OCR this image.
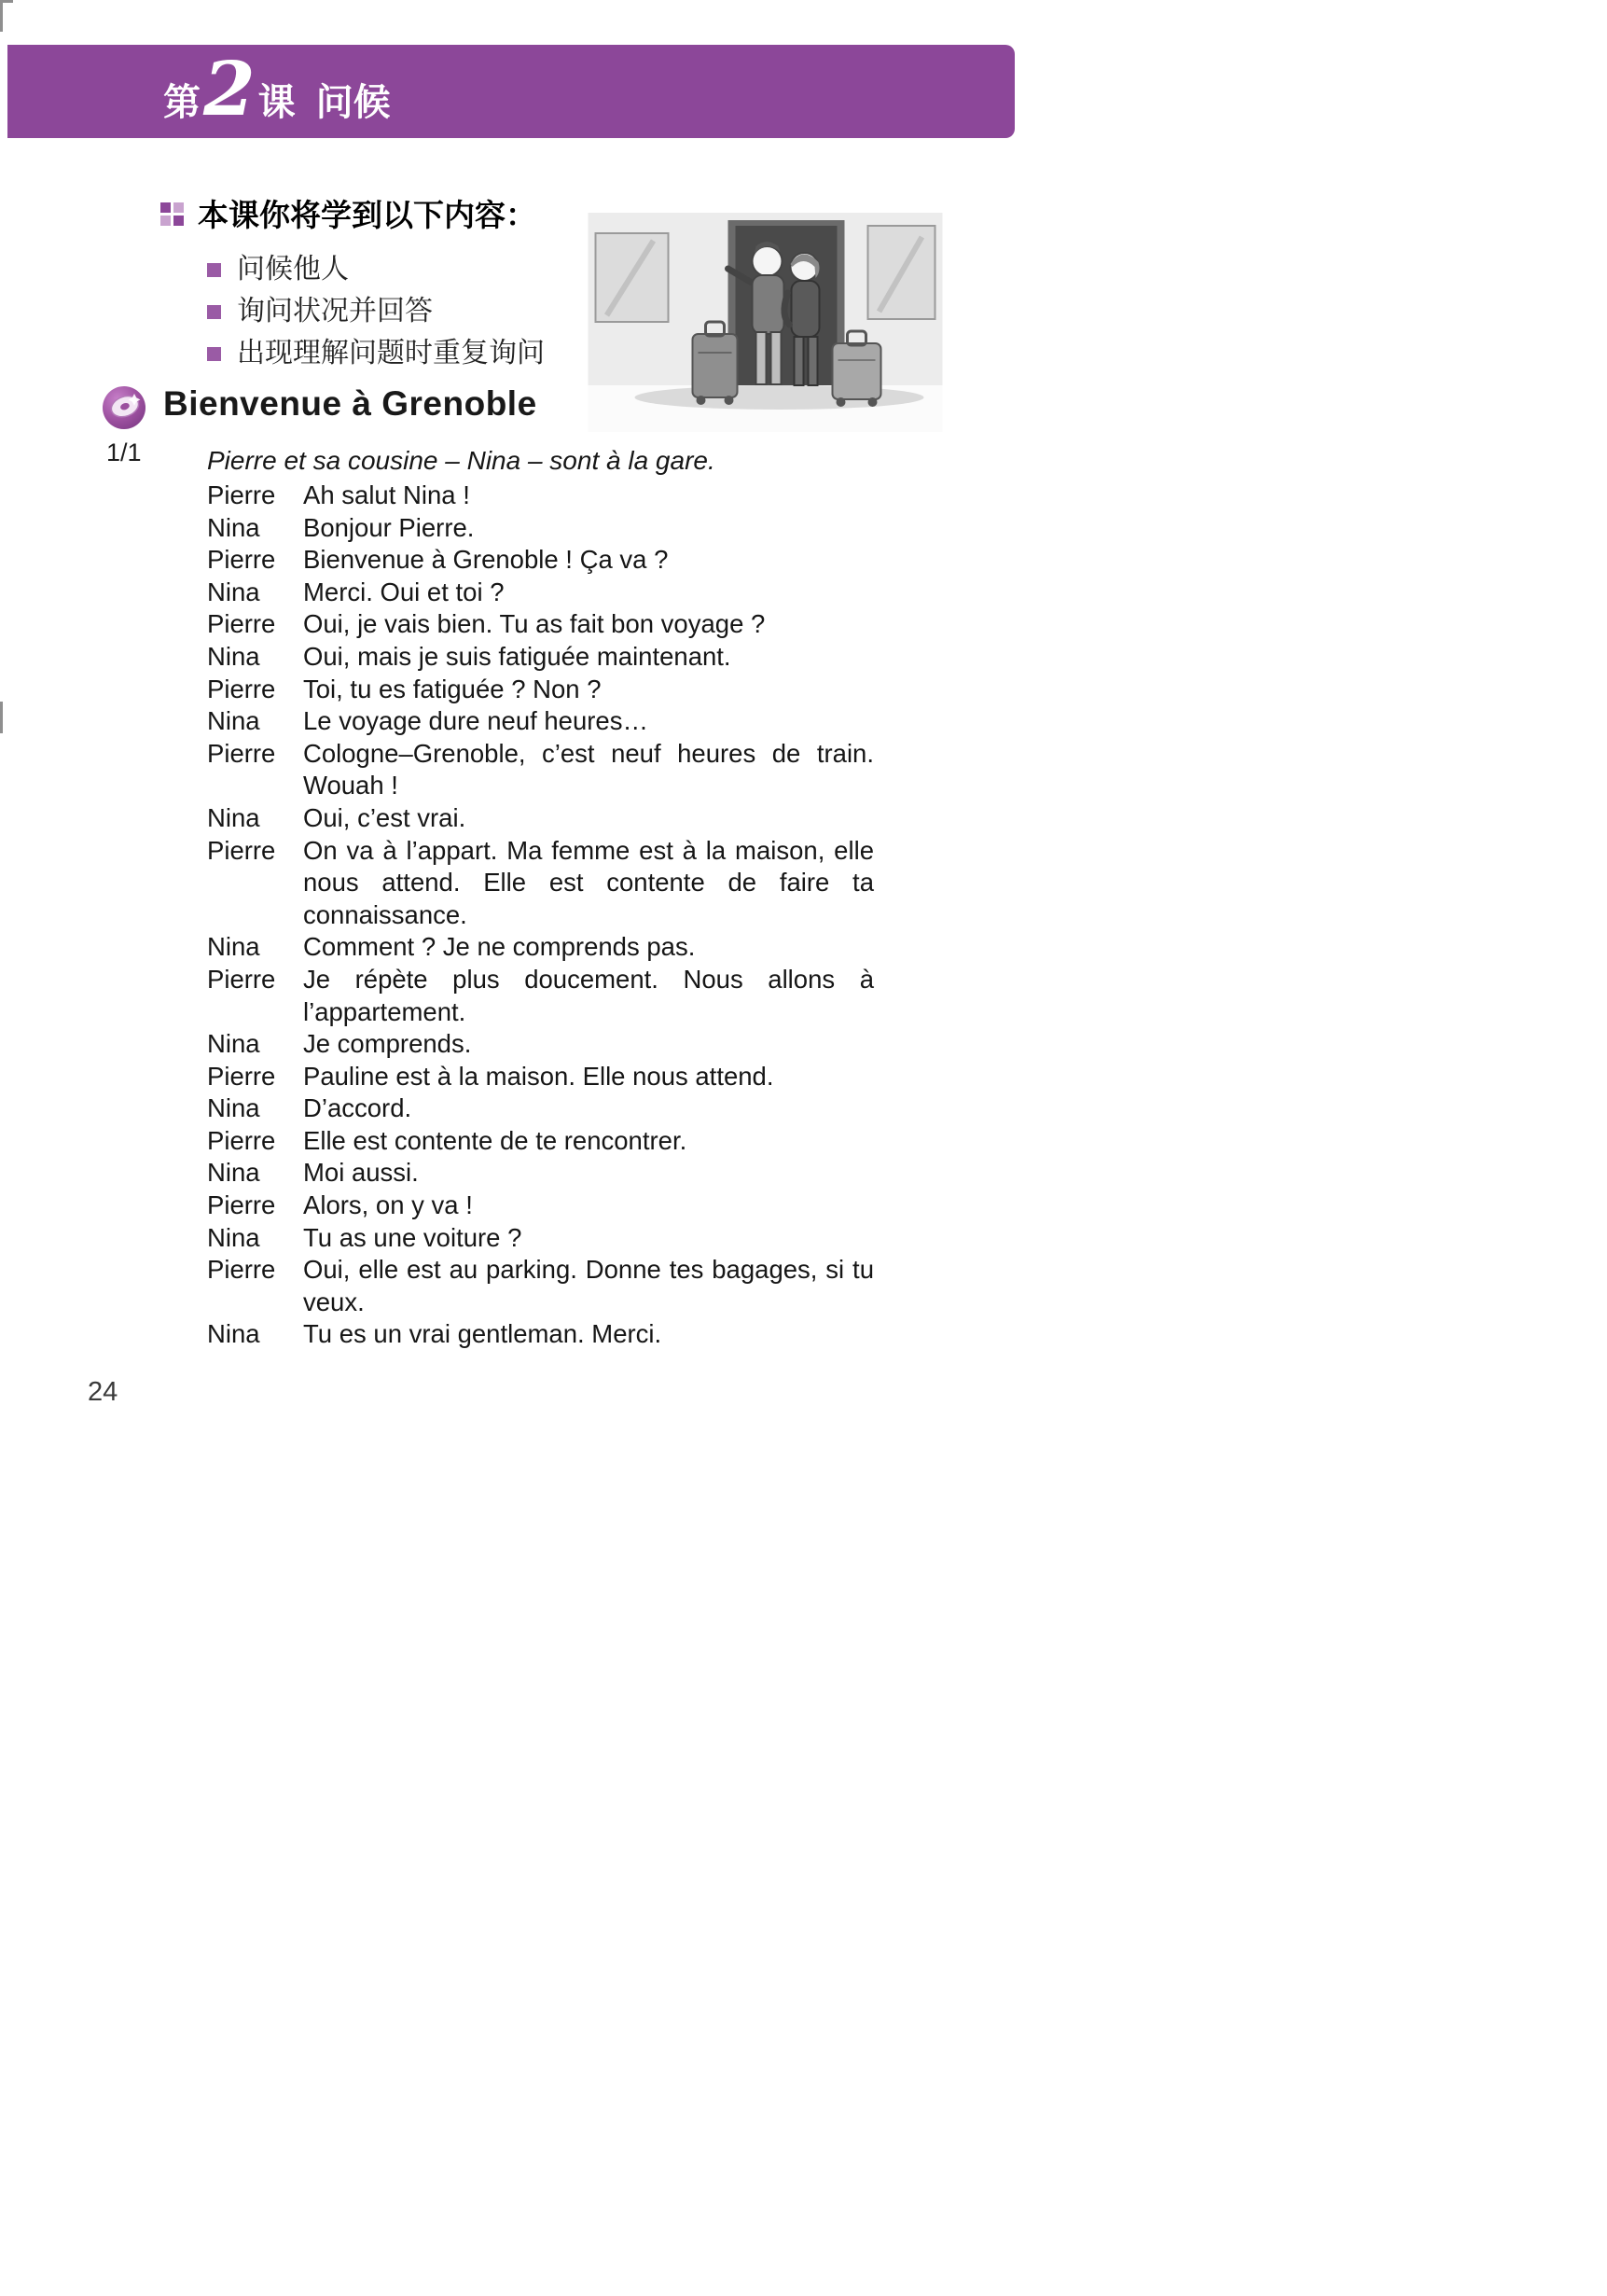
第 2 课 问候
本课你将学到以下内容：
问候他人
询问状况并回答
出现理解问题时重复询问
1/1
Bienvenue à Grenoble

Pierre et sa cousine – Nina – sont à la gare.

Pierre	Ah salut Nina !
Nina	Bonjour Pierre.
Pierre	Bienvenue à Grenoble ! Ça va ?
Nina	Merci. Oui et toi ?
Pierre	Oui, je vais bien. Tu as fait bon voyage ?
Nina	Oui, mais je suis fatiguée maintenant.
Pierre	Toi, tu es fatiguée ? Non ?
Nina	Le voyage dure neuf heures…
Pierre	Cologne–Grenoble, c’est neuf heures de train. Wouah !
Nina	Oui, c’est vrai.
Pierre	On va à l’appart. Ma femme est à la maison, elle nous attend. Elle est contente de faire ta connaissance.
Nina	Comment ? Je ne comprends pas.
Pierre	Je répète plus doucement. Nous allons à l’appartement.
Nina	Je comprends.
Pierre	Pauline est à la maison. Elle nous attend.
Nina	D’accord.
Pierre	Elle est contente de te rencontrer.
Nina	Moi aussi.
Pierre	Alors, on y va !
Nina	Tu as une voiture ?
Pierre	Oui, elle est au parking. Donne tes bagages, si tu veux.
Nina	Tu es un vrai gentleman. Merci.
24
